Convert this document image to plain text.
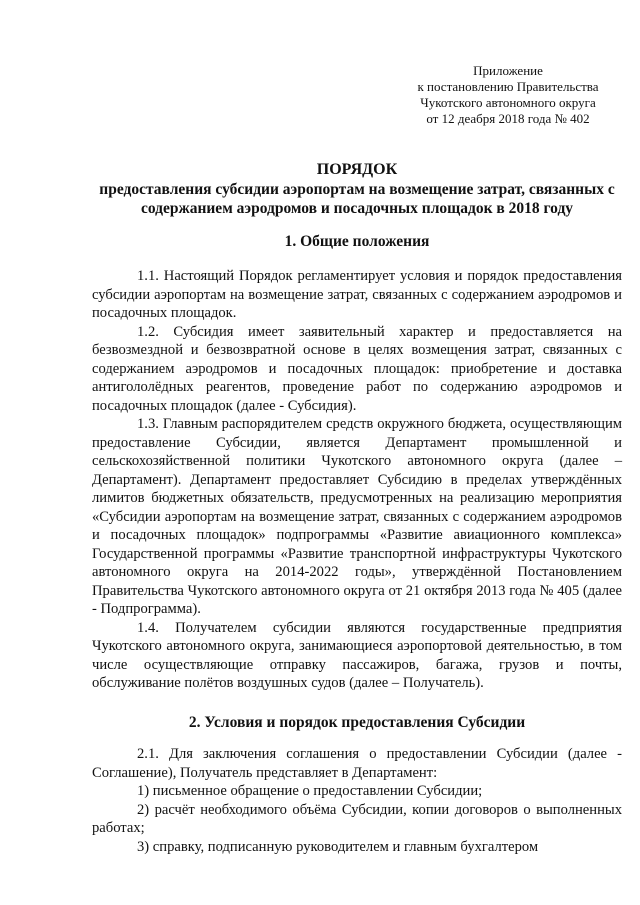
Приложение
к постановлению Правительства
Чукотского автономного округа
от 12 деабря 2018 года № 402
ПОРЯДОК
предоставления субсидии аэропортам на возмещение затрат, связанных с содержанием аэродромов и посадочных площадок в 2018 году
1. Общие положения

1.1. Настоящий Порядок регламентирует условия и порядок предоставления субсидии аэропортам на возмещение затрат, связанных с содержанием аэродромов и посадочных площадок.

1.2. Субсидия имеет заявительный характер и предоставляется на безвозмездной и безвозвратной основе в целях возмещения затрат, связанных с содержанием аэродромов и посадочных площадок: приобретение и доставка антигололёдных реагентов, проведение работ по содержанию аэродромов и посадочных площадок (далее - Субсидия).

1.3. Главным распорядителем средств окружного бюджета, осуществляющим предоставление Субсидии, является Департамент промышленной и сельскохозяйственной политики Чукотского автономного округа (далее – Департамент). Департамент предоставляет Субсидию в пределах утверждённых лимитов бюджетных обязательств, предусмотренных на реализацию мероприятия «Субсидии аэропортам на возмещение затрат, связанных с содержанием аэродромов и посадочных площадок» подпрограммы «Развитие авиационного комплекса» Государственной программы «Развитие транспортной инфраструктуры Чукотского автономного округа на 2014-2022 годы», утверждённой Постановлением Правительства Чукотского автономного округа от 21 октября 2013 года № 405 (далее - Подпрограмма).

1.4. Получателем субсидии являются государственные предприятия Чукотского автономного округа, занимающиеся аэропортовой деятельностью, в том числе осуществляющие отправку пассажиров, багажа, грузов и почты, обслуживание полётов воздушных судов (далее – Получатель).

2. Условия и порядок предоставления Субсидии

2.1. Для заключения соглашения о предоставлении Субсидии (далее - Соглашение), Получатель представляет в Департамент:

1) письменное обращение о предоставлении Субсидии;

2) расчёт необходимого объёма Субсидии, копии договоров о выполненных работах;

3) справку, подписанную руководителем и главным бухгалтером
